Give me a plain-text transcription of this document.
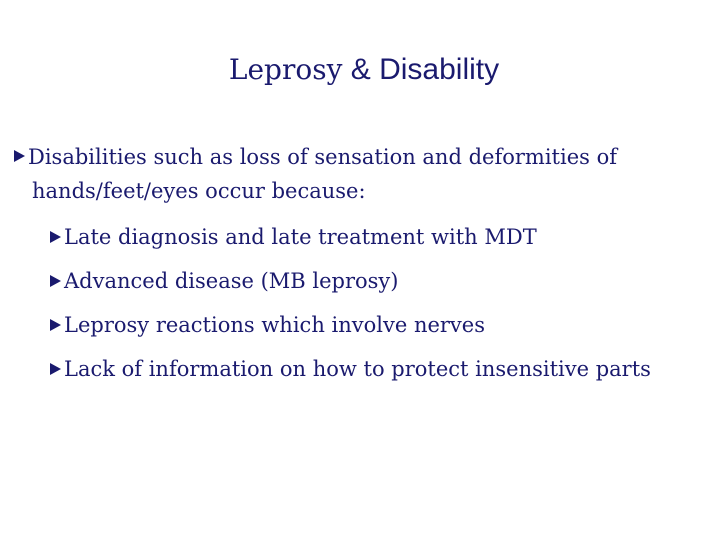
Leprosy & Disability
Disabilities such as loss of sensation and deformities of hands/feet/eyes occur because:
Late diagnosis and late treatment with MDT
Advanced disease (MB leprosy)
Leprosy reactions which involve nerves
Lack of information on how to protect insensitive parts
